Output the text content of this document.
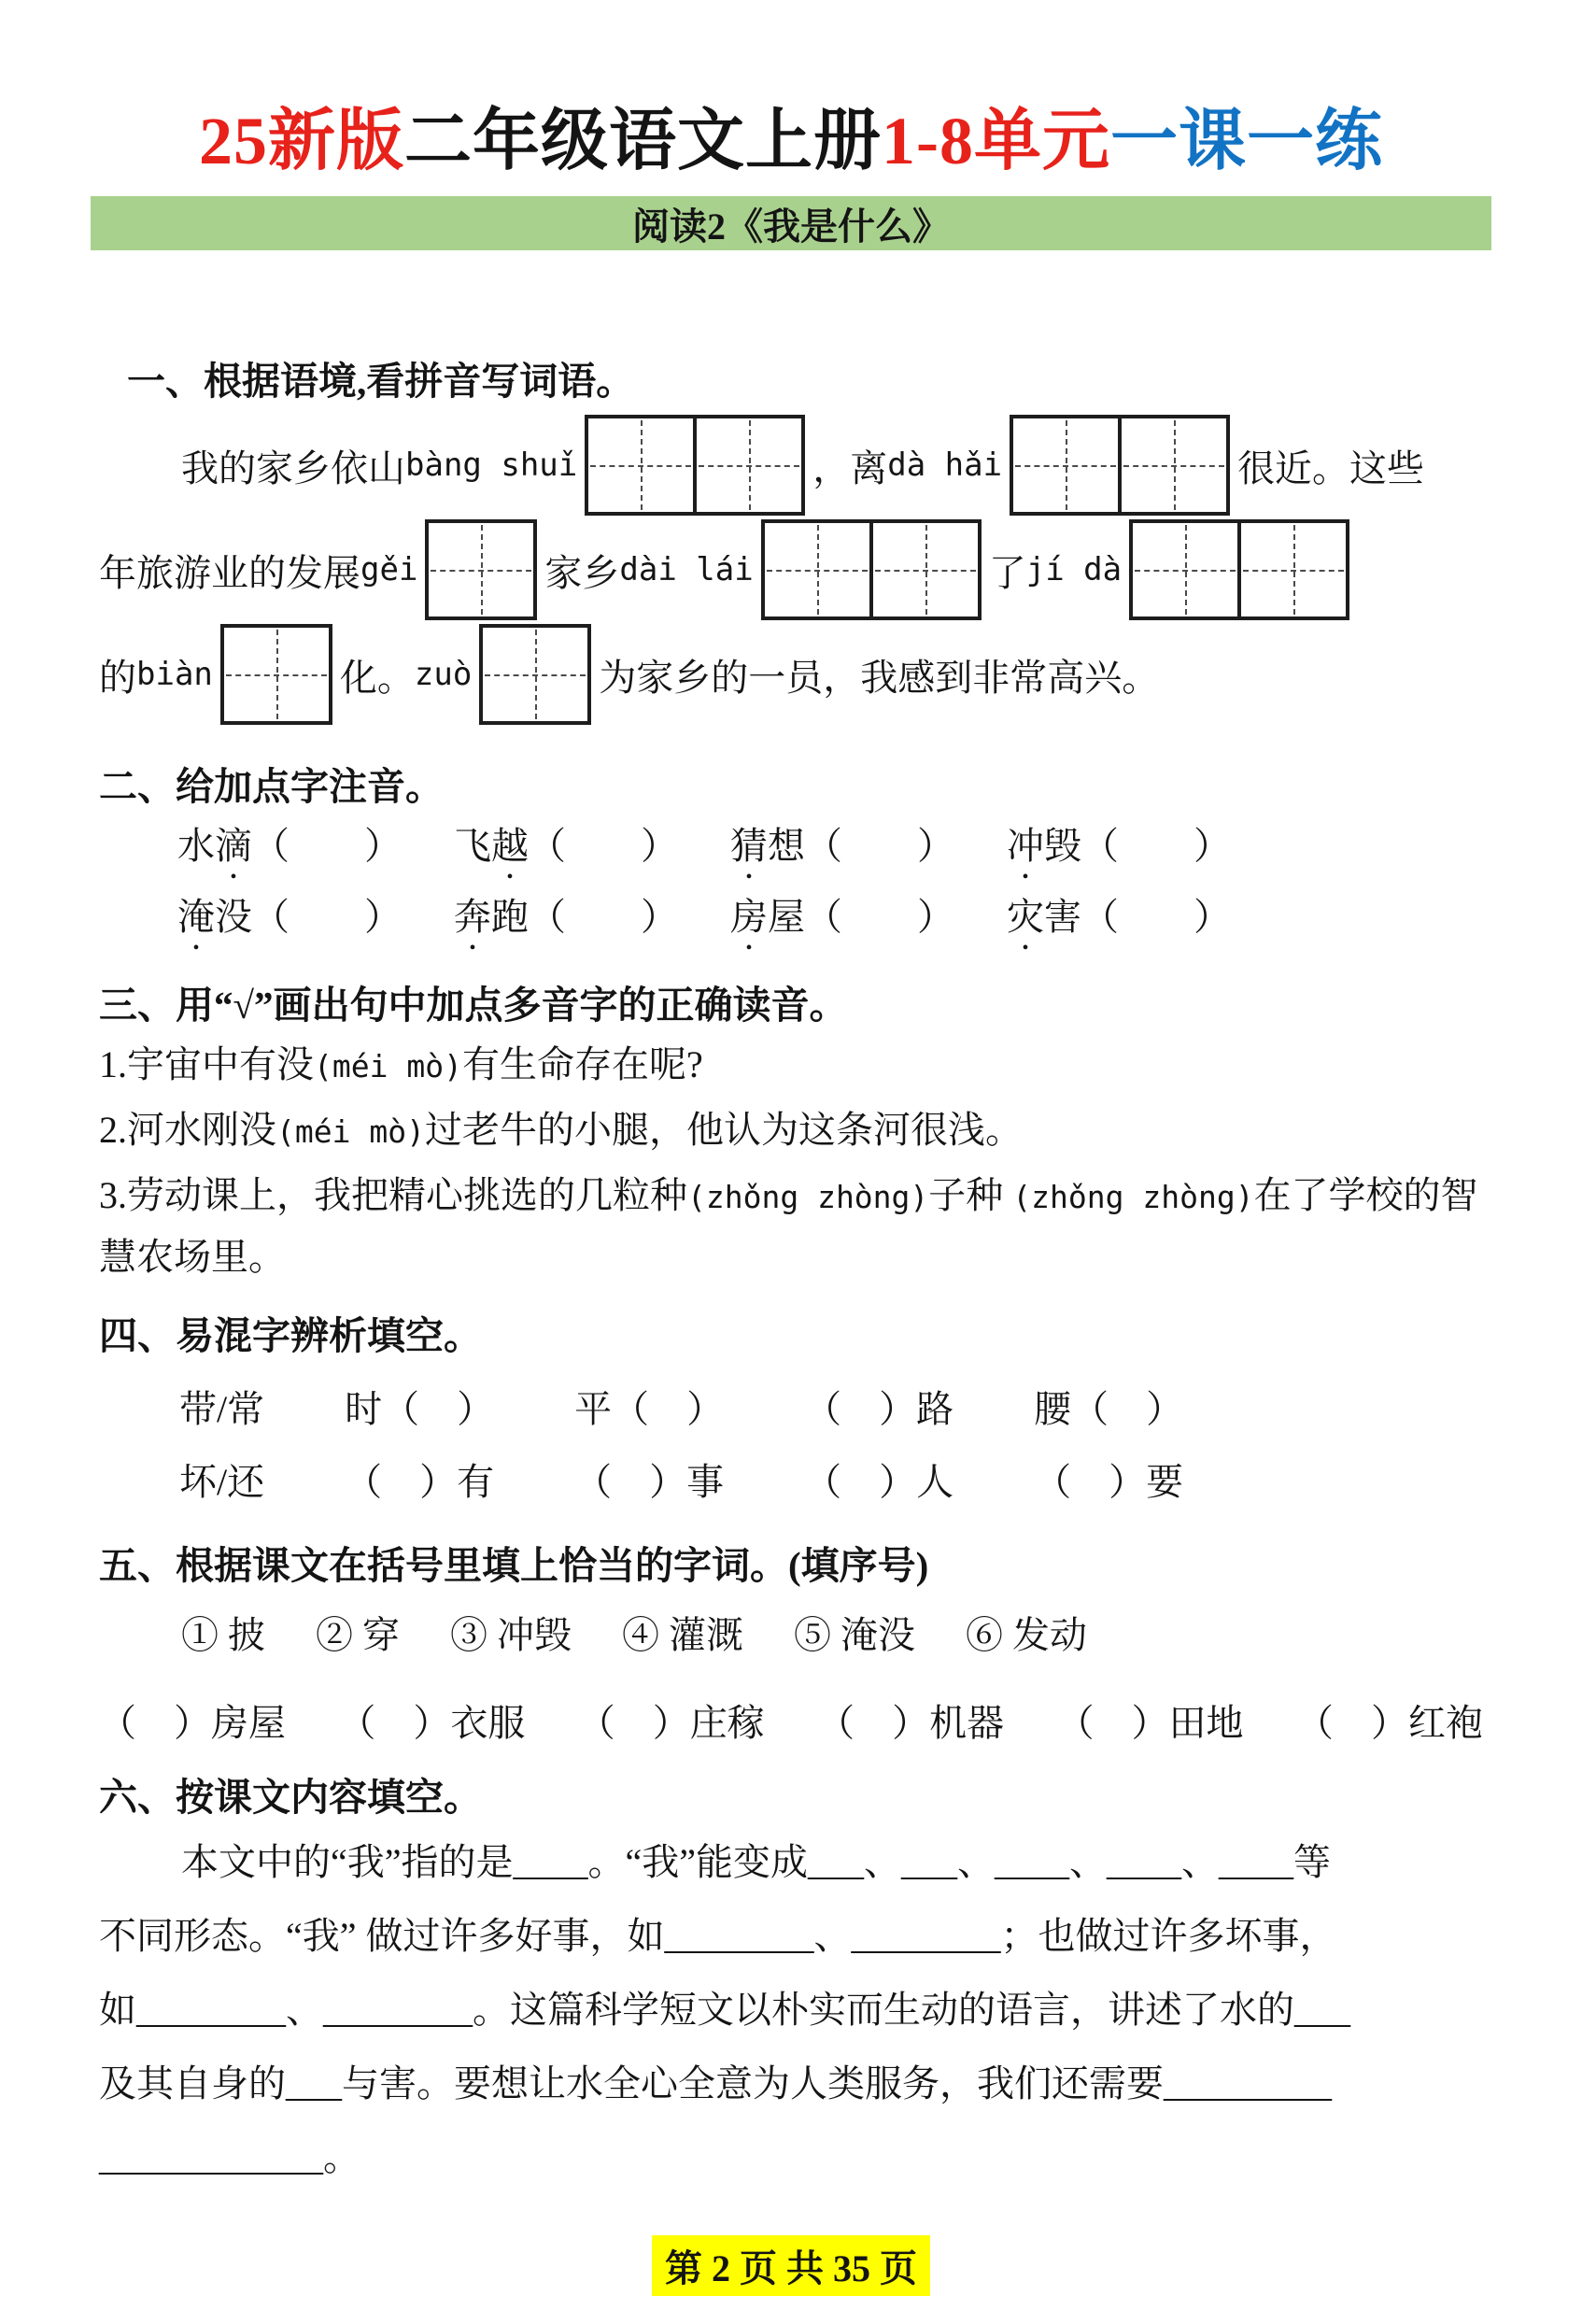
25新版二年级语文上册1-8单元一课一练
阅读2《我是什么》
一、根据语境,看拼音写词语。
我的家乡依山 bàng shuǐ	，离 dà hǎi	很近。这些
年旅游业的发展 gěi	家乡 dài lái	了 jí dà
的 biàn	化。 zuò	为家乡的一员，我感到非常高兴。
二、给加点字注音。
水滴（　　） 飞越（　　） 猜想（　　） 冲毁（　　）
淹没（　　） 奔跑（　　） 房屋（　　） 灾害（　　）
三、用“√”画出句中加点多音字的正确读音。
1.宇宙中有没(méi mò)有生命存在呢?
2.河水刚没(méi mò)过老牛的小腿，他认为这条河很浅。
3.劳动课上，我把精心挑选的几粒种(zhǒng zhòng)子种 (zhǒng zhòng)在了学校的智慧农场里。
四、易混字辨析填空。
带/常 时（　） 平（　） （　）路 腰（　）
坏/还 （　）有 （　）事 （　）人 （　）要
五、根据课文在括号里填上恰当的字词。(填序号)
① 披 ② 穿 ③ 冲毁 ④ 灌溉 ⑤ 淹没 ⑥ 发动
（　）房屋 （　）衣服 （　）庄稼 （　）机器 （　）田地 （　）红袍
六、按课文内容填空。
本文中的“我”指的是____。“我”能变成___、___、____、____、____等
不同形态。“我” 做过许多好事，如________、________；也做过许多坏事，
如________、________。这篇科学短文以朴实而生动的语言，讲述了水的___
及其自身的___与害。要想让水全心全意为人类服务，我们还需要_________
____________。
第 2 页 共 35 页
